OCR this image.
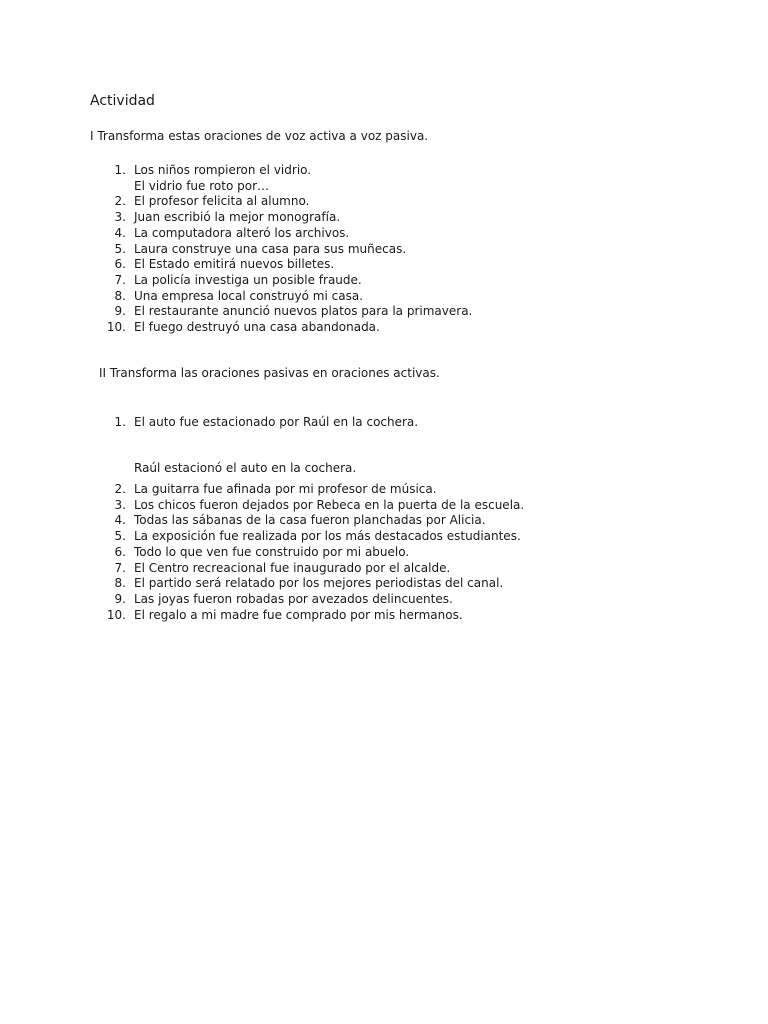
Actividad

I Transforma estas oraciones de voz activa a voz pasiva.

1. Los niños rompieron el vidrio.
El vidrio fue roto por…
2. El profesor felicita al alumno.
3. Juan escribió la mejor monografía.
4. La computadora alteró los archivos.
5. Laura construye una casa para sus muñecas.
6. El Estado emitirá nuevos billetes.
7. La policía investiga un posible fraude.
8. Una empresa local construyó mi casa.
9. El restaurante anunció nuevos platos para la primavera.
10. El fuego destruyó una casa abandonada.

II Transforma las oraciones pasivas en oraciones activas.

1. El auto fue estacionado por Raúl en la cochera.

Raúl estacionó el auto en la cochera.

2. La guitarra fue afinada por mi profesor de música.
3. Los chicos fueron dejados por Rebeca en la puerta de la escuela.
4. Todas las sábanas de la casa fueron planchadas por Alicia.
5. La exposición fue realizada por los más destacados estudiantes.
6. Todo lo que ven fue construido por mi abuelo.
7. El Centro recreacional fue inaugurado por el alcalde.
8. El partido será relatado por los mejores periodistas del canal.
9. Las joyas fueron robadas por avezados delincuentes.
10. El regalo a mi madre fue comprado por mis hermanos.
